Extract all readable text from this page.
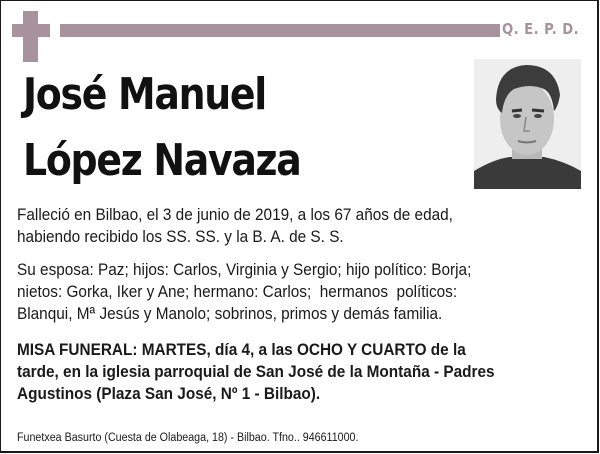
Q. E. P. D.
José Manuel
López Navaza
Falleció en Bilbao, el 3 de junio de 2019, a los 67 años de edad,
habiendo recibido los SS. SS. y la B. A. de S. S.
Su esposa: Paz; hijos: Carlos, Virginia y Sergio; hijo político: Borja;
nietos: Gorka, Iker y Ane; hermano: Carlos;  hermanos  políticos:
Blanqui, Mª Jesús y Manolo; sobrinos, primos y demás familia.
MISA FUNERAL: MARTES, día 4, a las OCHO Y CUARTO de la
tarde, en la iglesia parroquial de San José de la Montaña - Padres
Agustinos (Plaza San José, Nº 1 - Bilbao).
Funetxea Basurto (Cuesta de Olabeaga, 18) - Bilbao. Tfno.. 946611000.
